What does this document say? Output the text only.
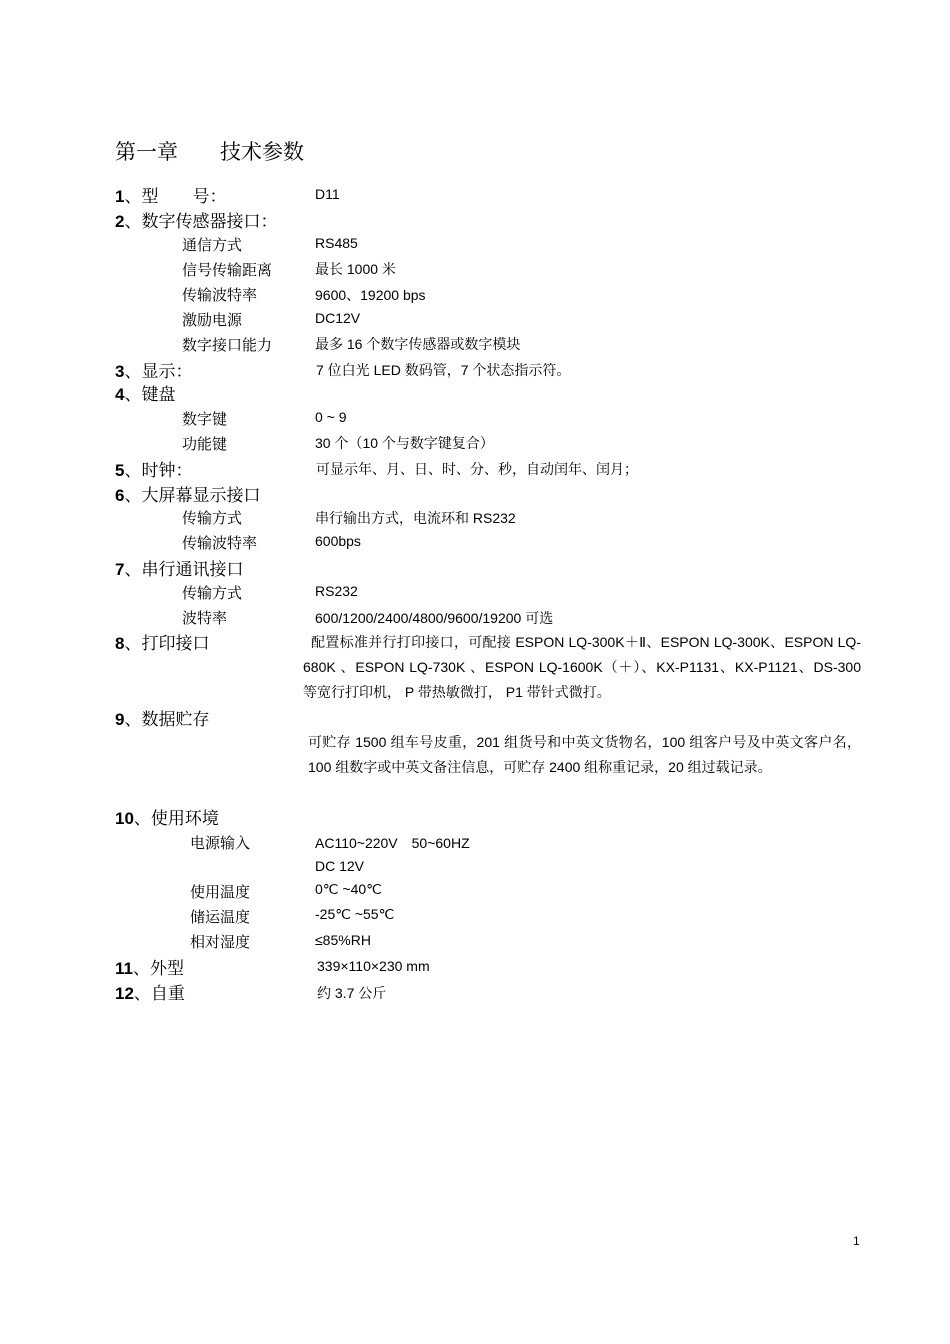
第一章　　技术参数
1、型　　号：	D11
2、数字传感器接口：
通信方式	RS485
信号传输距离	最长 1000 米
传输波特率	9600、19200 bps
激励电源	DC12V
数字接口能力	最多 16 个数字传感器或数字模块
3、显示：	7 位白光 LED 数码管，7 个状态指示符。
4、键盘
数字键	0 ~ 9
功能键	30 个（10 个与数字键复合）
5、时钟：	可显示年、月、日、时、分、秒，自动闰年、闰月；
6、大屏幕显示接口
传输方式	串行输出方式，电流环和 RS232
传输波特率	600bps
7、串行通讯接口
传输方式	RS232
波特率	600/1200/2400/4800/9600/19200 可选
8、打印接口	配置标准并行打印接口，可配接 ESPON LQ-300K＋Ⅱ、ESPON LQ-300K、ESPON LQ-680K 、ESPON LQ-730K 、ESPON LQ-1600K（＋）、KX-P1131、KX-P1121、DS-300 等宽行打印机， P 带热敏微打， P1 带针式微打。
9、数据贮存
可贮存 1500 组车号皮重，201 组货号和中英文货物名，100 组客户号及中英文客户名，100 组数字或中英文备注信息，可贮存 2400 组称重记录，20 组过载记录。
10、使用环境
电源输入	AC110~220V　50~60HZ
DC 12V
使用温度	0℃ ~40℃
储运温度	-25℃ ~55℃
相对湿度	≤85%RH
11、外型	339×110×230 mm
12、自重	约 3.7 公斤
1
